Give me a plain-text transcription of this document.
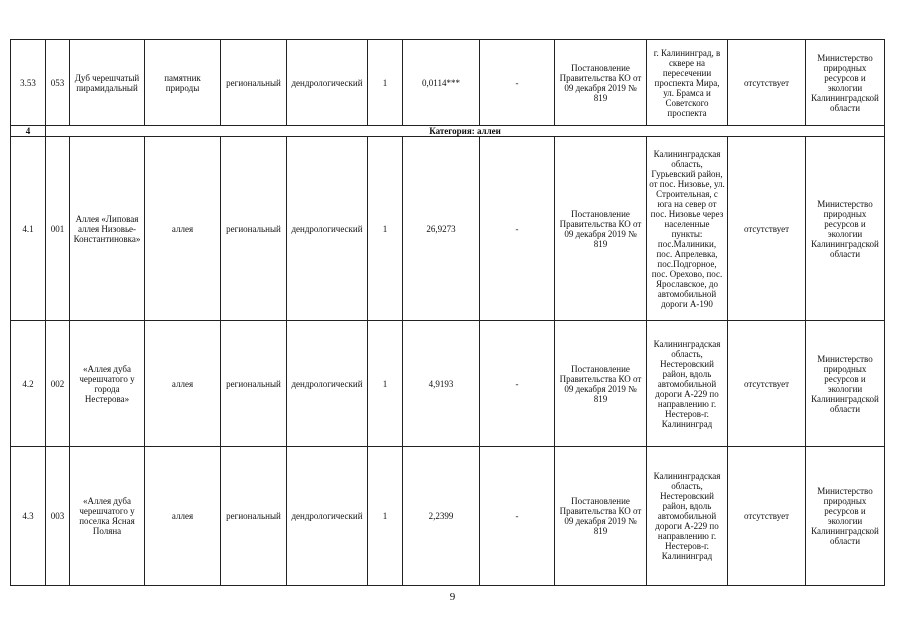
3.53	053	Дуб черешчатый пирамидальный	памятник природы	региональный	дендрологический	1	0,0114***	-	Постановление Правительства КО от 09 декабря 2019 № 819	г. Калининград, в сквере на пересечении проспекта Мира, ул. Брамса и Советского проспекта	отсутствует	Министерство природных ресурсов и экологии Калининградской области
4	Категория: аллеи											
4.1	001	Аллея «Липовая аллея Низовье-Константиновка»	аллея	региональный	дендрологический	1	26,9273	-	Постановление Правительства КО от 09 декабря 2019 № 819	Калининградская область, Гурьевский район, от пос. Низовье, ул. Строительная, с юга на север от пос. Низовье через населенные пункты: пос.Малиники, пос. Апрелевка, пос.Подгорное, пос. Орехово, пос. Ярославское, до автомобильной дороги А-190	отсутствует	Министерство природных ресурсов и экологии Калининградской области
4.2	002	«Аллея дуба черешчатого у города Нестерова»	аллея	региональный	дендрологический	1	4,9193	-	Постановление Правительства КО от 09 декабря 2019 № 819	Калининградская область, Нестеровский район, вдоль автомобильной дороги А-229 по направлению г. Нестеров-г. Калининград	отсутствует	Министерство природных ресурсов и экологии Калининградской области
4.3	003	«Аллея дуба черешчатого у поселка Ясная Поляна	аллея	региональный	дендрологический	1	2,2399	-	Постановление Правительства КО от 09 декабря 2019 № 819	Калининградская область, Нестеровский район, вдоль автомобильной дороги А-229 по направлению г. Нестеров-г. Калининград	отсутствует	Министерство природных ресурсов и экологии Калининградской области
9
